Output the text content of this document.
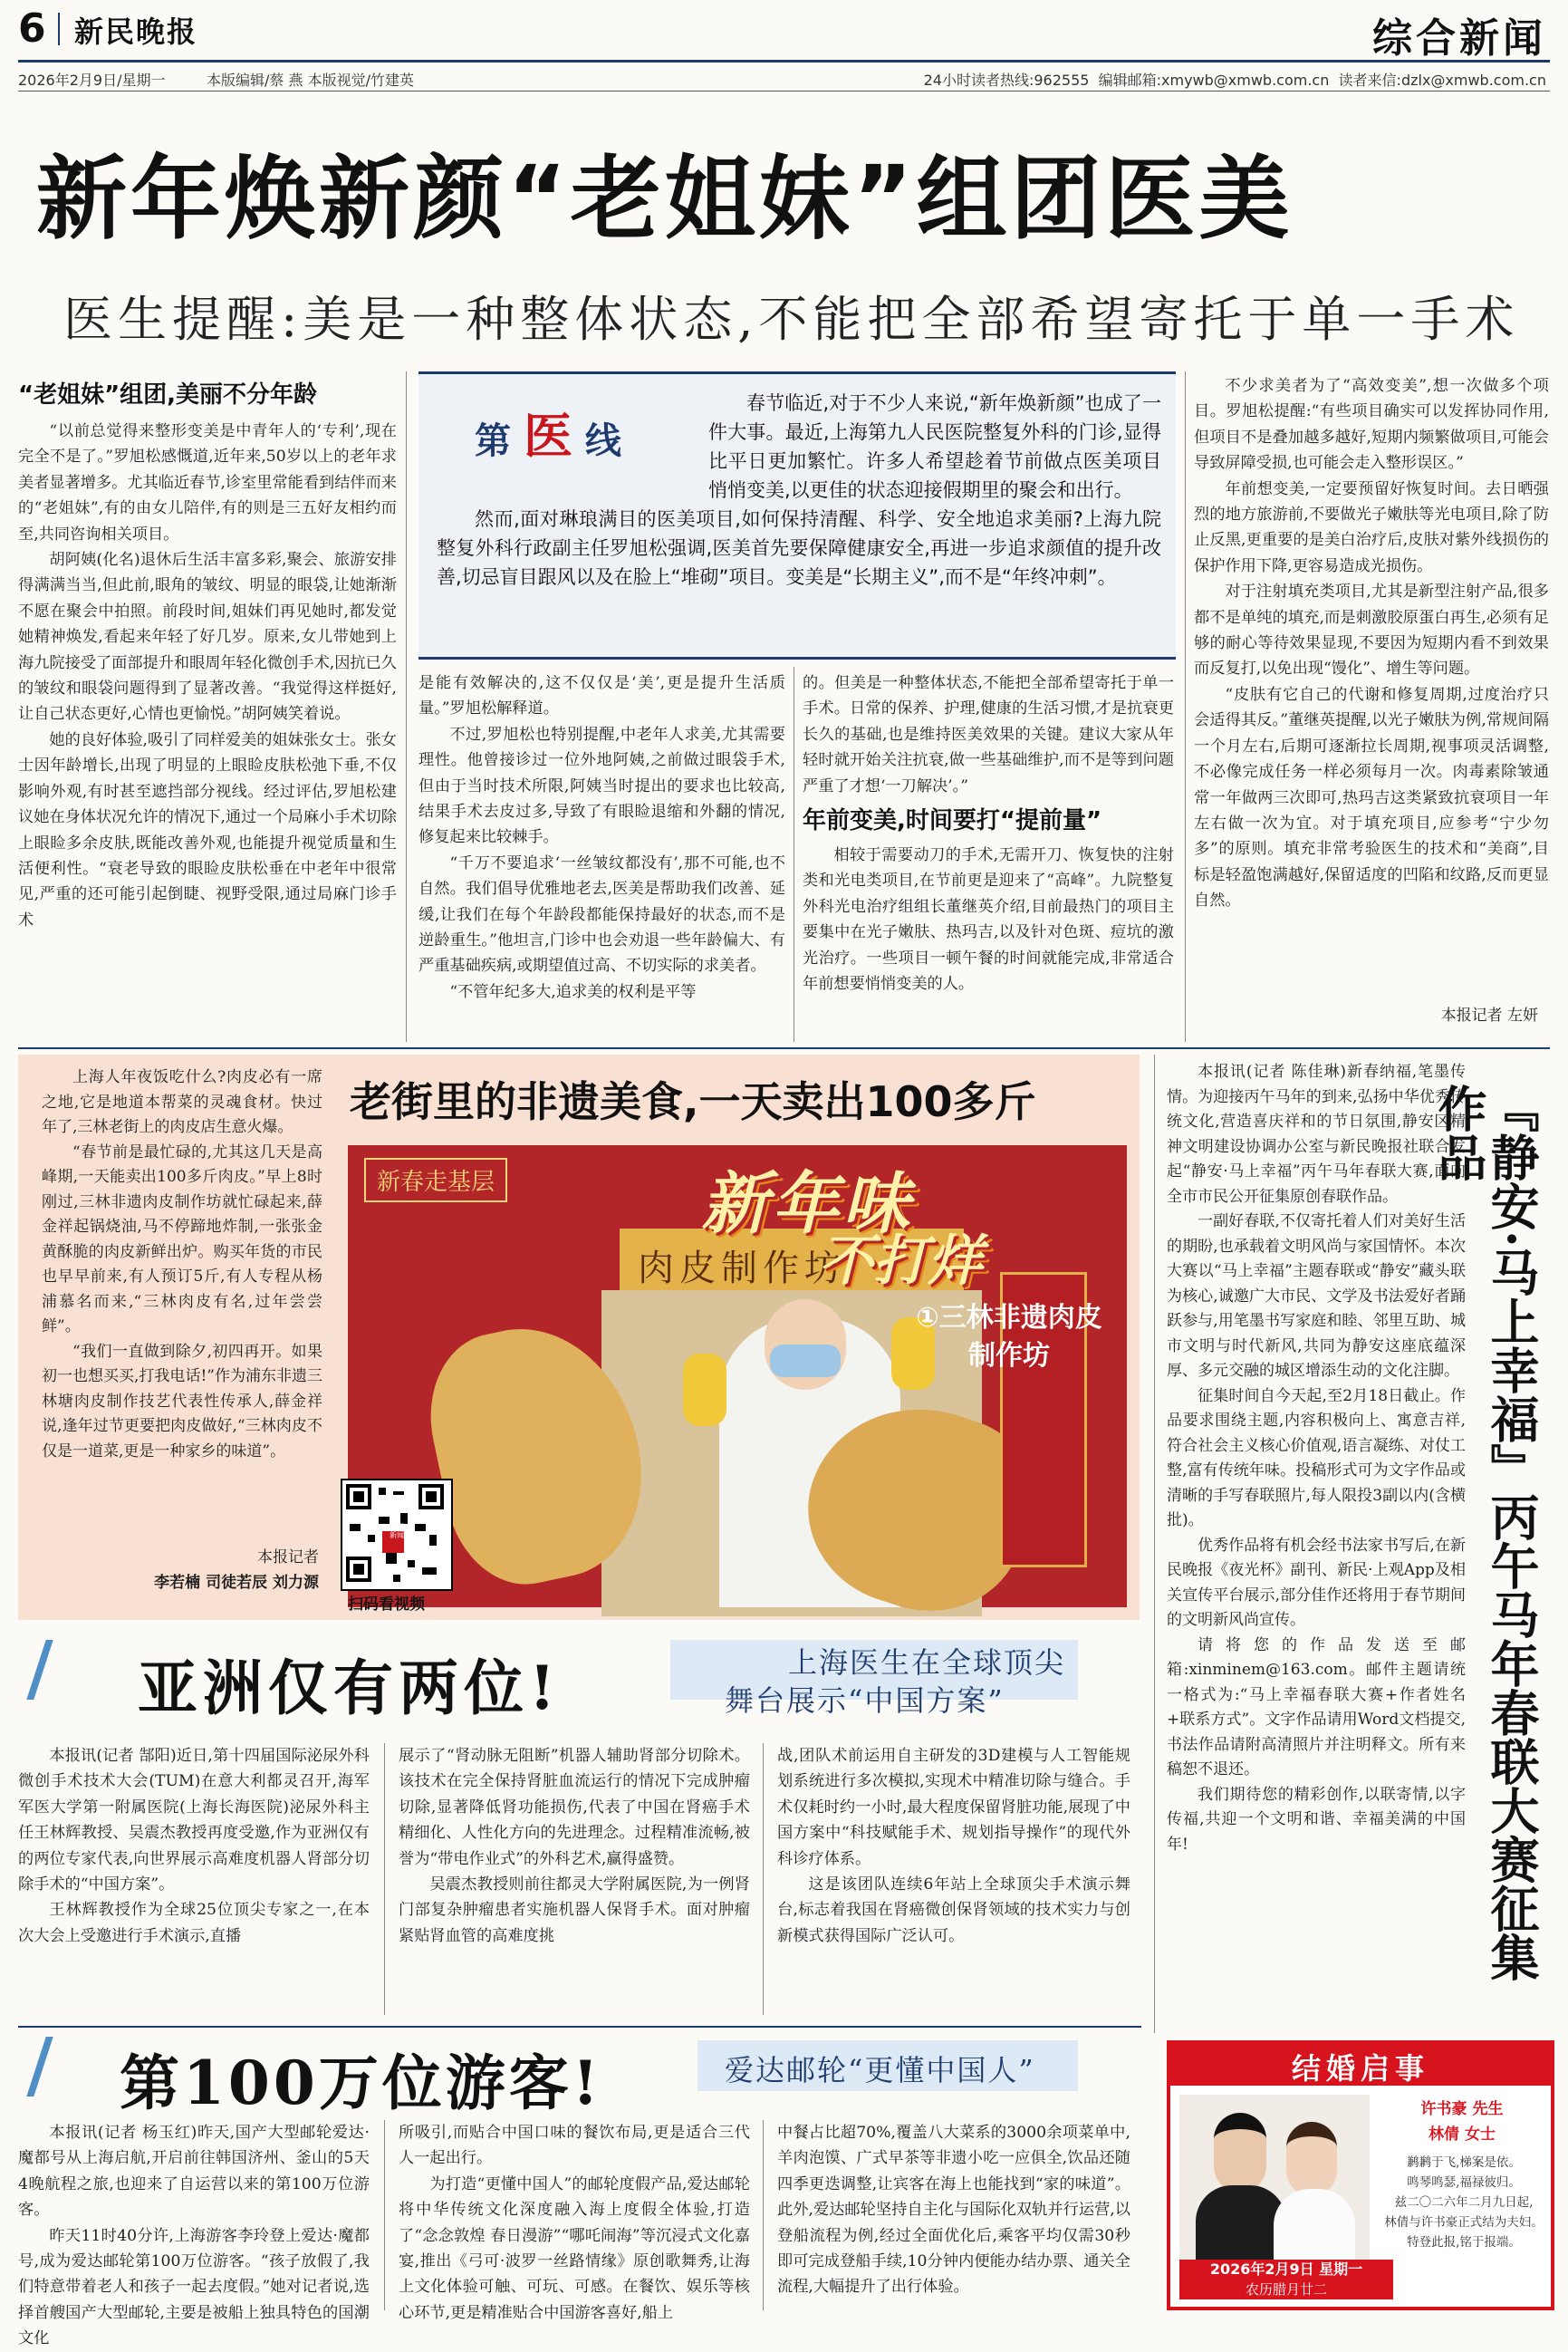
6 新民晚报	综合新闻
2026年2月9日/星期一	本版编辑/蔡 燕 本版视觉/竹建英	24小时读者热线:962555 编辑邮箱:xmywb@xmwb.com.cn 读者来信:dzlx@xmwb.com.cn
新年焕新颜“老姐妹”组团医美
医生提醒:美是一种整体状态,不能把全部希望寄托于单一手术
“老姐妹”组团,美丽不分年龄

“以前总觉得来整形变美是中青年人的‘专利’,现在完全不是了。”罗旭松感慨道,近年来,50岁以上的老年求美者显著增多。尤其临近春节,诊室里常能看到结伴而来的“老姐妹”,有的由女儿陪伴,有的则是三五好友相约而至,共同咨询相关项目。

胡阿姨(化名)退休后生活丰富多彩,聚会、旅游安排得满满当当,但此前,眼角的皱纹、明显的眼袋,让她渐渐不愿在聚会中拍照。前段时间,姐妹们再见她时,都发觉她精神焕发,看起来年轻了好几岁。原来,女儿带她到上海九院接受了面部提升和眼周年轻化微创手术,因抗已久的皱纹和眼袋问题得到了显著改善。“我觉得这样挺好,让自己状态更好,心情也更愉悦。”胡阿姨笑着说。

她的良好体验,吸引了同样爱美的姐妹张女士。张女士因年龄增长,出现了明显的上眼睑皮肤松弛下垂,不仅影响外观,有时甚至遮挡部分视线。经过评估,罗旭松建议她在身体状况允许的情况下,通过一个局麻小手术切除上眼睑多余皮肤,既能改善外观,也能提升视觉质量和生活便利性。“衰老导致的眼睑皮肤松垂在中老年中很常见,严重的还可能引起倒睫、视野受限,通过局麻门诊手术

第 医 线
春节临近,对于不少人来说,“新年焕新颜”也成了一件大事。最近,上海第九人民医院整复外科的门诊,显得比平日更加繁忙。许多人希望趁着节前做点医美项目悄悄变美,以更佳的状态迎接假期里的聚会和出行。
然而,面对琳琅满目的医美项目,如何保持清醒、科学、安全地追求美丽?上海九院整复外科行政副主任罗旭松强调,医美首先要保障健康安全,再进一步追求颜值的提升改善,切忌盲目跟风以及在脸上“堆砌”项目。变美是“长期主义”,而不是“年终冲刺”。

是能有效解决的,这不仅仅是‘美’,更是提升生活质量。”罗旭松解释道。

不过,罗旭松也特别提醒,中老年人求美,尤其需要理性。他曾接诊过一位外地阿姨,之前做过眼袋手术,但由于当时技术所限,阿姨当时提出的要求也比较高,结果手术去皮过多,导致了有眼睑退缩和外翻的情况,修复起来比较棘手。

“千万不要追求‘一丝皱纹都没有’,那不可能,也不自然。我们倡导优雅地老去,医美是帮助我们改善、延缓,让我们在每个年龄段都能保持最好的状态,而不是逆龄重生。”他坦言,门诊中也会劝退一些年龄偏大、有严重基础疾病,或期望值过高、不切实际的求美者。

“不管年纪多大,追求美的权利是平等

的。但美是一种整体状态,不能把全部希望寄托于单一手术。日常的保养、护理,健康的生活习惯,才是抗衰更长久的基础,也是维持医美效果的关键。建议大家从年轻时就开始关注抗衰,做一些基础维护,而不是等到问题严重了才想‘一刀解决’。”

年前变美,时间要打“提前量”

相较于需要动刀的手术,无需开刀、恢复快的注射类和光电类项目,在节前更是迎来了“高峰”。九院整复外科光电治疗组组长董继英介绍,目前最热门的项目主要集中在光子嫩肤、热玛吉,以及针对色斑、痘坑的激光治疗。一些项目一顿午餐的时间就能完成,非常适合年前想要悄悄变美的人。

不少求美者为了“高效变美”,想一次做多个项目。罗旭松提醒:“有些项目确实可以发挥协同作用,但项目不是叠加越多越好,短期内频繁做项目,可能会导致屏障受损,也可能会走入整形误区。”

年前想变美,一定要预留好恢复时间。去日晒强烈的地方旅游前,不要做光子嫩肤等光电项目,除了防止反黑,更重要的是美白治疗后,皮肤对紫外线损伤的保护作用下降,更容易造成光损伤。

对于注射填充类项目,尤其是新型注射产品,很多都不是单纯的填充,而是刺激胶原蛋白再生,必须有足够的耐心等待效果显现,不要因为短期内看不到效果而反复打,以免出现“馒化”、增生等问题。

“皮肤有它自己的代谢和修复周期,过度治疗只会适得其反。”董继英提醒,以光子嫩肤为例,常规间隔一个月左右,后期可逐渐拉长周期,视事项灵活调整,不必像完成任务一样必须每月一次。肉毒素除皱通常一年做两三次即可,热玛吉这类紧致抗衰项目一年左右做一次为宜。对于填充项目,应参考“宁少勿多”的原则。填充非常考验医生的技术和“美商”,目标是轻盈饱满越好,保留适度的凹陷和纹路,反而更显自然。

本报记者 左妍

上海人年夜饭吃什么?肉皮必有一席之地,它是地道本帮菜的灵魂食材。快过年了,三林老街上的肉皮店生意火爆。

“春节前是最忙碌的,尤其这几天是高峰期,一天能卖出100多斤肉皮。”早上8时刚过,三林非遗肉皮制作坊就忙碌起来,薛金祥起锅烧油,马不停蹄地炸制,一张张金黄酥脆的肉皮新鲜出炉。购买年货的市民也早早前来,有人预订5斤,有人专程从杨浦慕名而来,“三林肉皮有名,过年尝尝鲜”。

“我们一直做到除夕,初四再开。如果初一也想买买,打我电话!”作为浦东非遗三林塘肉皮制作技艺代表性传承人,薛金祥说,逢年过节更要把肉皮做好,“三林肉皮不仅是一道菜,更是一种家乡的味道”。

本报记者
李若楠 司徒若辰 刘力源
老街里的非遗美食,一天卖出100多斤
肉皮制作坊
新春走基层	新年味
不打烊
①三林非遗肉皮制作坊
上海
新闻
扫码看视频
亚洲仅有两位!	上海医生在全球顶尖
舞台展示“中国方案”

本报讯(记者 郜阳)近日,第十四届国际泌尿外科微创手术技术大会(TUM)在意大利都灵召开,海军军医大学第一附属医院(上海长海医院)泌尿外科主任王林辉教授、吴震杰教授再度受邀,作为亚洲仅有的两位专家代表,向世界展示高难度机器人肾部分切除手术的“中国方案”。

王林辉教授作为全球25位顶尖专家之一,在本次大会上受邀进行手术演示,直播

展示了“肾动脉无阻断”机器人辅助肾部分切除术。该技术在完全保持肾脏血流运行的情况下完成肿瘤切除,显著降低肾功能损伤,代表了中国在肾癌手术精细化、人性化方向的先进理念。过程精准流畅,被誉为“带电作业式”的外科艺术,赢得盛赞。

吴震杰教授则前往都灵大学附属医院,为一例肾门部复杂肿瘤患者实施机器人保肾手术。面对肿瘤紧贴肾血管的高难度挑

战,团队术前运用自主研发的3D建模与人工智能规划系统进行多次模拟,实现术中精准切除与缝合。手术仅耗时约一小时,最大程度保留肾脏功能,展现了中国方案中“科技赋能手术、规划指导操作”的现代外科诊疗体系。

这是该团队连续6年站上全球顶尖手术演示舞台,标志着我国在肾癌微创保肾领域的技术实力与创新模式获得国际广泛认可。

第100万位游客!	爱达邮轮“更懂中国人”

本报讯(记者 杨玉红)昨天,国产大型邮轮爱达·魔都号从上海启航,开启前往韩国济州、釜山的5天4晚航程之旅,也迎来了自运营以来的第100万位游客。

昨天11时40分许,上海游客李玲登上爱达·魔都号,成为爱达邮轮第100万位游客。“孩子放假了,我们特意带着老人和孩子一起去度假。”她对记者说,选择首艘国产大型邮轮,主要是被船上独具特色的国潮文化

所吸引,而贴合中国口味的餐饮布局,更是适合三代人一起出行。

为打造“更懂中国人”的邮轮度假产品,爱达邮轮将中华传统文化深度融入海上度假全体验,打造了“念念敦煌 春日漫游”“哪吒闹海”等沉浸式文化嘉宴,推出《弓可·波罗一丝路情缘》原创歌舞秀,让海上文化体验可触、可玩、可感。在餐饮、娱乐等核心环节,更是精准贴合中国游客喜好,船上

中餐占比超70%,覆盖八大菜系的3000余项菜单中,羊肉泡馍、广式早茶等非遗小吃一应俱全,饮品还随四季更迭调整,让宾客在海上也能找到“家的味道”。此外,爱达邮轮坚持自主化与国际化双轨并行运营,以登船流程为例,经过全面优化后,乘客平均仅需30秒即可完成登船手续,10分钟内便能办结办票、通关全流程,大幅提升了出行体验。

本报讯(记者 陈佳琳)新春纳福,笔墨传情。为迎接丙午马年的到来,弘扬中华优秀传统文化,营造喜庆祥和的节日氛围,静安区精神文明建设协调办公室与新民晚报社联合发起“静安·马上幸福”丙午马年春联大赛,面向全市市民公开征集原创春联作品。

一副好春联,不仅寄托着人们对美好生活的期盼,也承载着文明风尚与家国情怀。本次大赛以“马上幸福”主题春联或“静安”藏头联为核心,诚邀广大市民、文学及书法爱好者踊跃参与,用笔墨书写家庭和睦、邻里互助、城市文明与时代新风,共同为静安这座底蕴深厚、多元交融的城区增添生动的文化注脚。

征集时间自今天起,至2月18日截止。作品要求围绕主题,内容积极向上、寓意吉祥,符合社会主义核心价值观,语言凝练、对仗工整,富有传统年味。投稿形式可为文字作品或清晰的手写春联照片,每人限投3副以内(含横批)。

优秀作品将有机会经书法家书写后,在新民晚报《夜光杯》副刊、新民·上观App及相关宣传平台展示,部分佳作还将用于春节期间的文明新风尚宣传。

请将您的作品发送至邮箱:xinminem@163.com。邮件主题请统一格式为:“马上幸福春联大赛+作者姓名+联系方式”。文字作品请用Word文档提交,书法作品请附高清照片并注明释文。所有来稿恕不退还。

我们期待您的精彩创作,以联寄情,以字传福,共迎一个文明和谐、幸福美满的中国年!	『静安·马上幸福』丙午马年春联大赛征集作品
结婚启事
许书豪 先生
林倩 女士
鹣鹣于飞,梯案是依。
鸣琴鸣瑟,福禄彼归。
兹二〇二六年二月九日起,
林倩与许书豪正式结为夫妇。
特登此报,铭于报端。
2026年2月9日 星期一
农历腊月廿二
